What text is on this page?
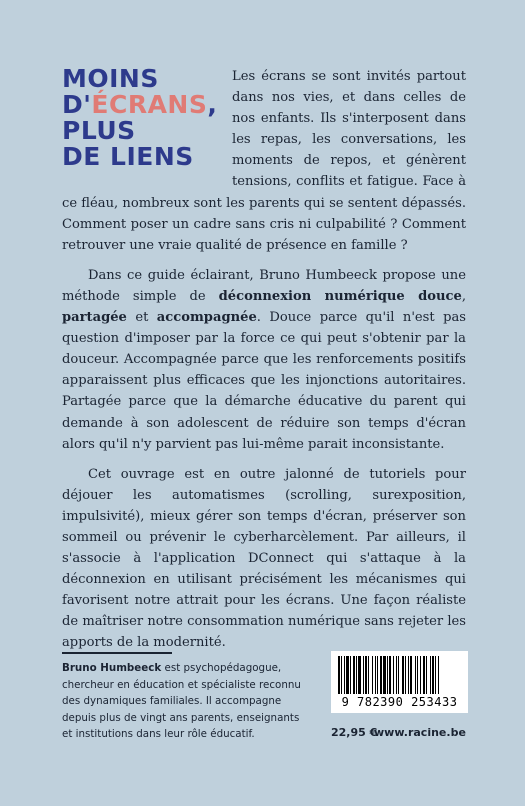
MOINS
D'ÉCRANS,
PLUS
DE LIENS

Les écrans se sont invités partout dans nos vies, et dans celles de nos enfants. Ils s'interposent dans les repas, les conversations, les moments de repos, et génèrent tensions, conflits et fatigue. Face à ce fléau, nombreux sont les parents qui se sentent dépassés. Comment poser un cadre sans cris ni culpabilité ? Comment retrouver une vraie qualité de présence en famille ?

Dans ce guide éclairant, Bruno Humbeeck propose une méthode simple de déconnexion numérique douce, partagée et accompagnée. Douce parce qu'il n'est pas question d'imposer par la force ce qui peut s'obtenir par la douceur. Accompagnée parce que les renforcements positifs apparaissent plus efficaces que les injonctions autoritaires. Partagée parce que la démarche éducative du parent qui demande à son adolescent de réduire son temps d'écran alors qu'il n'y parvient pas lui-même parait inconsistante.

Cet ouvrage est en outre jalonné de tutoriels pour déjouer les automatismes (scrolling, surexposition, impulsivité), mieux gérer son temps d'écran, préserver son sommeil ou prévenir le cyberharcèlement. Par ailleurs, il s'associe à l'application DConnect qui s'attaque à la déconnexion en utilisant précisément les mécanismes qui favorisent notre attrait pour les écrans. Une façon réaliste de maîtriser notre consommation numérique sans rejeter les apports de la modernité.

Bruno Humbeeck est psychopédagogue, chercheur en éducation et spécialiste reconnu des dynamiques familiales. Il accompagne depuis plus de vingt ans parents, enseignants et institutions dans leur rôle éducatif.
9 782390 253433
22,95 €
www.racine.be
